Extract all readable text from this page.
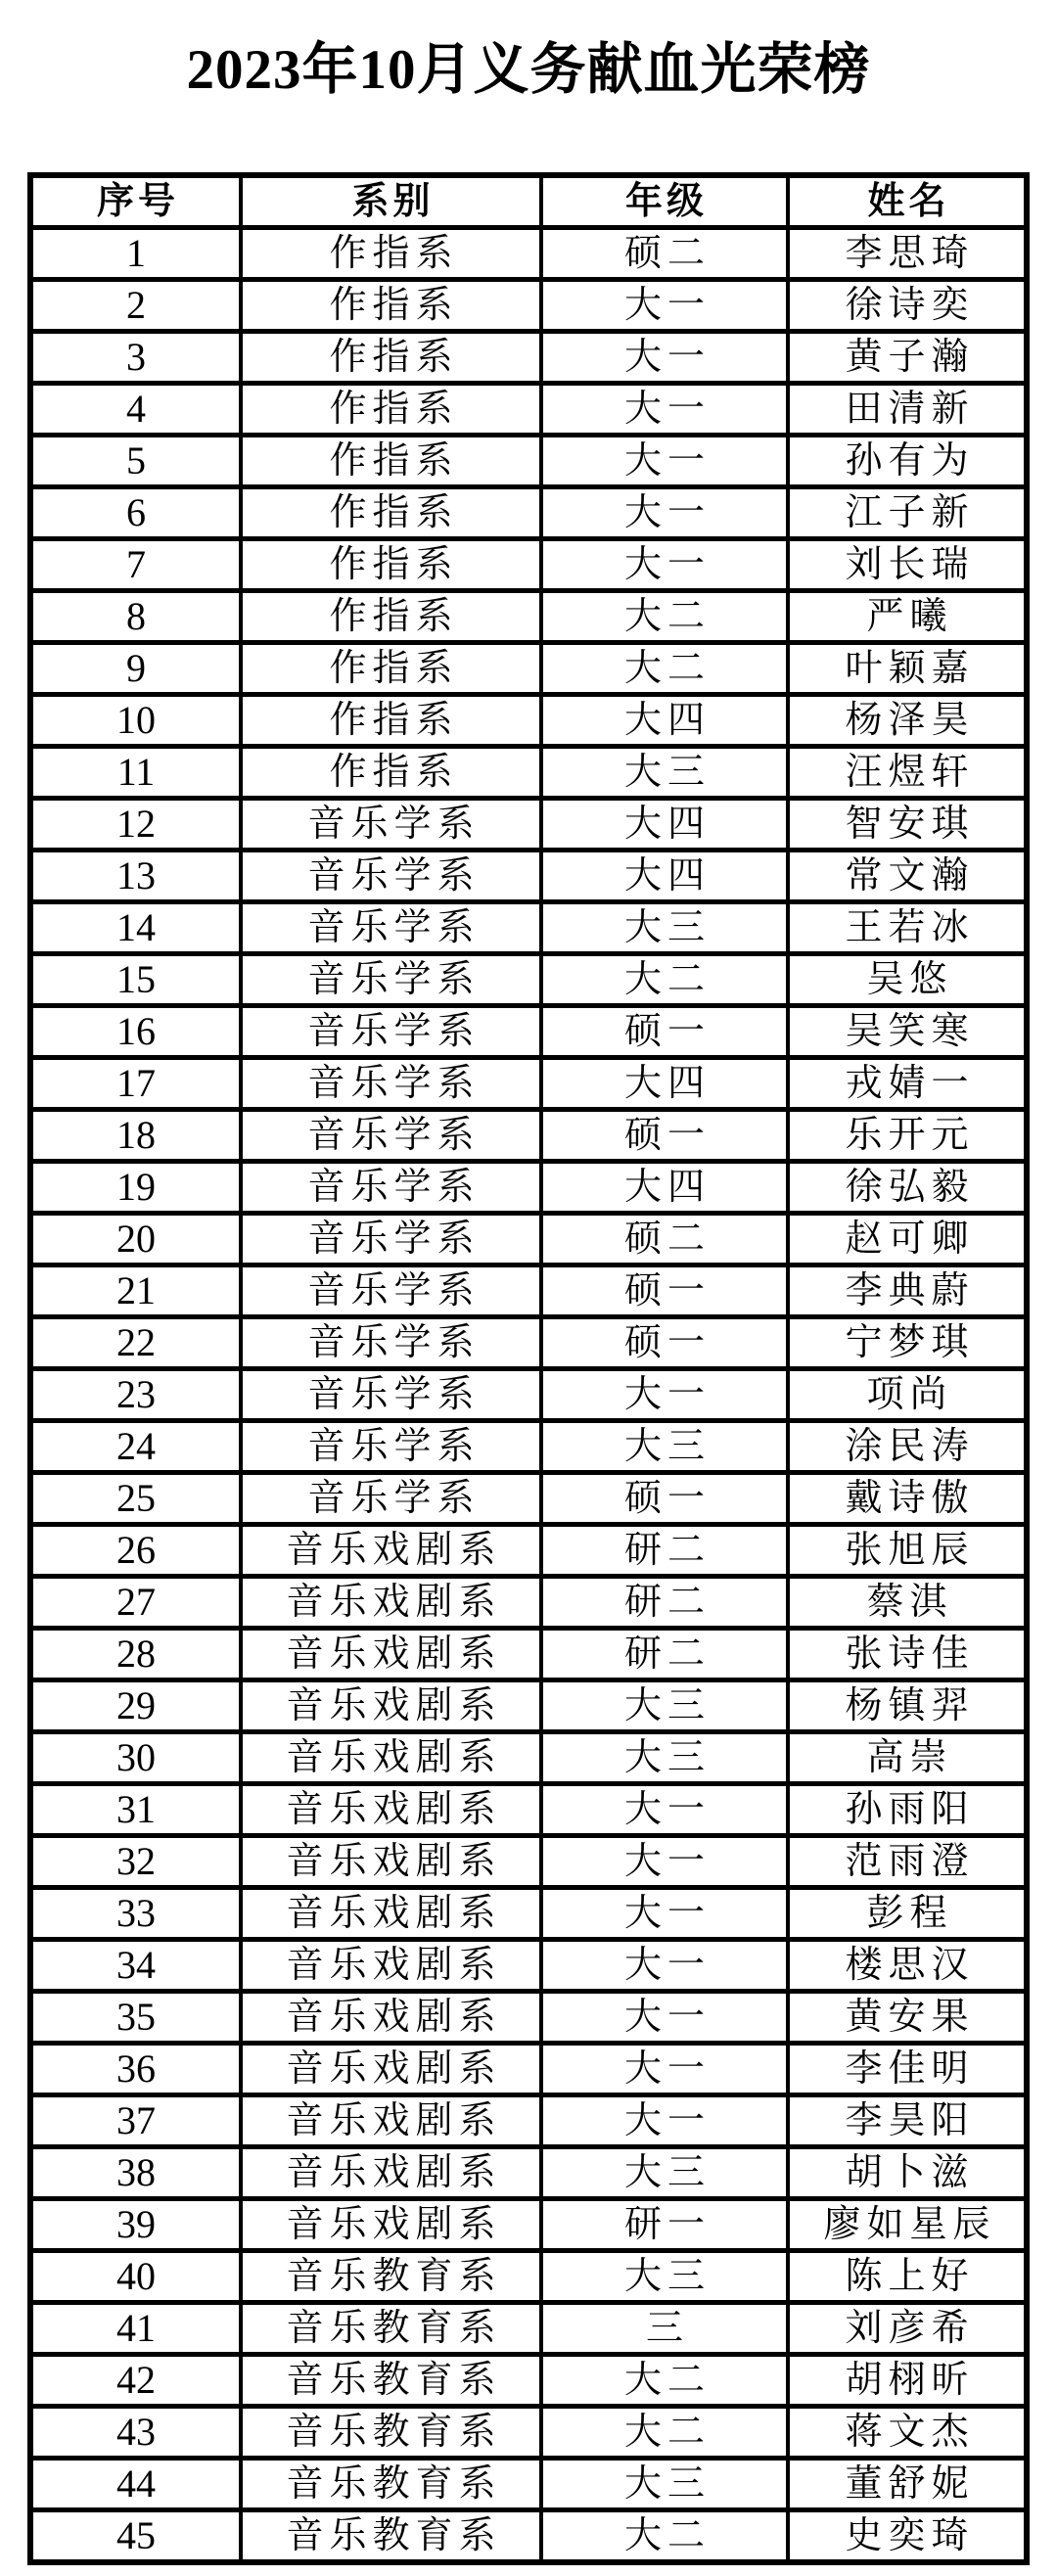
2023年10月义务献血光荣榜
序号	系别	年级	姓名
1	作指系	硕二	李思琦
2	作指系	大一	徐诗奕
3	作指系	大一	黄子瀚
4	作指系	大一	田清新
5	作指系	大一	孙有为
6	作指系	大一	江子新
7	作指系	大一	刘长瑞
8	作指系	大二	严曦
9	作指系	大二	叶颖嘉
10	作指系	大四	杨泽昊
11	作指系	大三	汪煜轩
12	音乐学系	大四	智安琪
13	音乐学系	大四	常文瀚
14	音乐学系	大三	王若冰
15	音乐学系	大二	吴悠
16	音乐学系	硕一	吴笑寒
17	音乐学系	大四	戎婧一
18	音乐学系	硕一	乐开元
19	音乐学系	大四	徐弘毅
20	音乐学系	硕二	赵可卿
21	音乐学系	硕一	李典蔚
22	音乐学系	硕一	宁梦琪
23	音乐学系	大一	项尚
24	音乐学系	大三	涂民涛
25	音乐学系	硕一	戴诗傲
26	音乐戏剧系	研二	张旭辰
27	音乐戏剧系	研二	蔡淇
28	音乐戏剧系	研二	张诗佳
29	音乐戏剧系	大三	杨镇羿
30	音乐戏剧系	大三	高崇
31	音乐戏剧系	大一	孙雨阳
32	音乐戏剧系	大一	范雨澄
33	音乐戏剧系	大一	彭程
34	音乐戏剧系	大一	楼思汉
35	音乐戏剧系	大一	黄安果
36	音乐戏剧系	大一	李佳明
37	音乐戏剧系	大一	李昊阳
38	音乐戏剧系	大三	胡卜滋
39	音乐戏剧系	研一	廖如星辰
40	音乐教育系	大三	陈上好
41	音乐教育系	三	刘彦希
42	音乐教育系	大二	胡栩昕
43	音乐教育系	大二	蒋文杰
44	音乐教育系	大三	董舒妮
45	音乐教育系	大二	史奕琦
